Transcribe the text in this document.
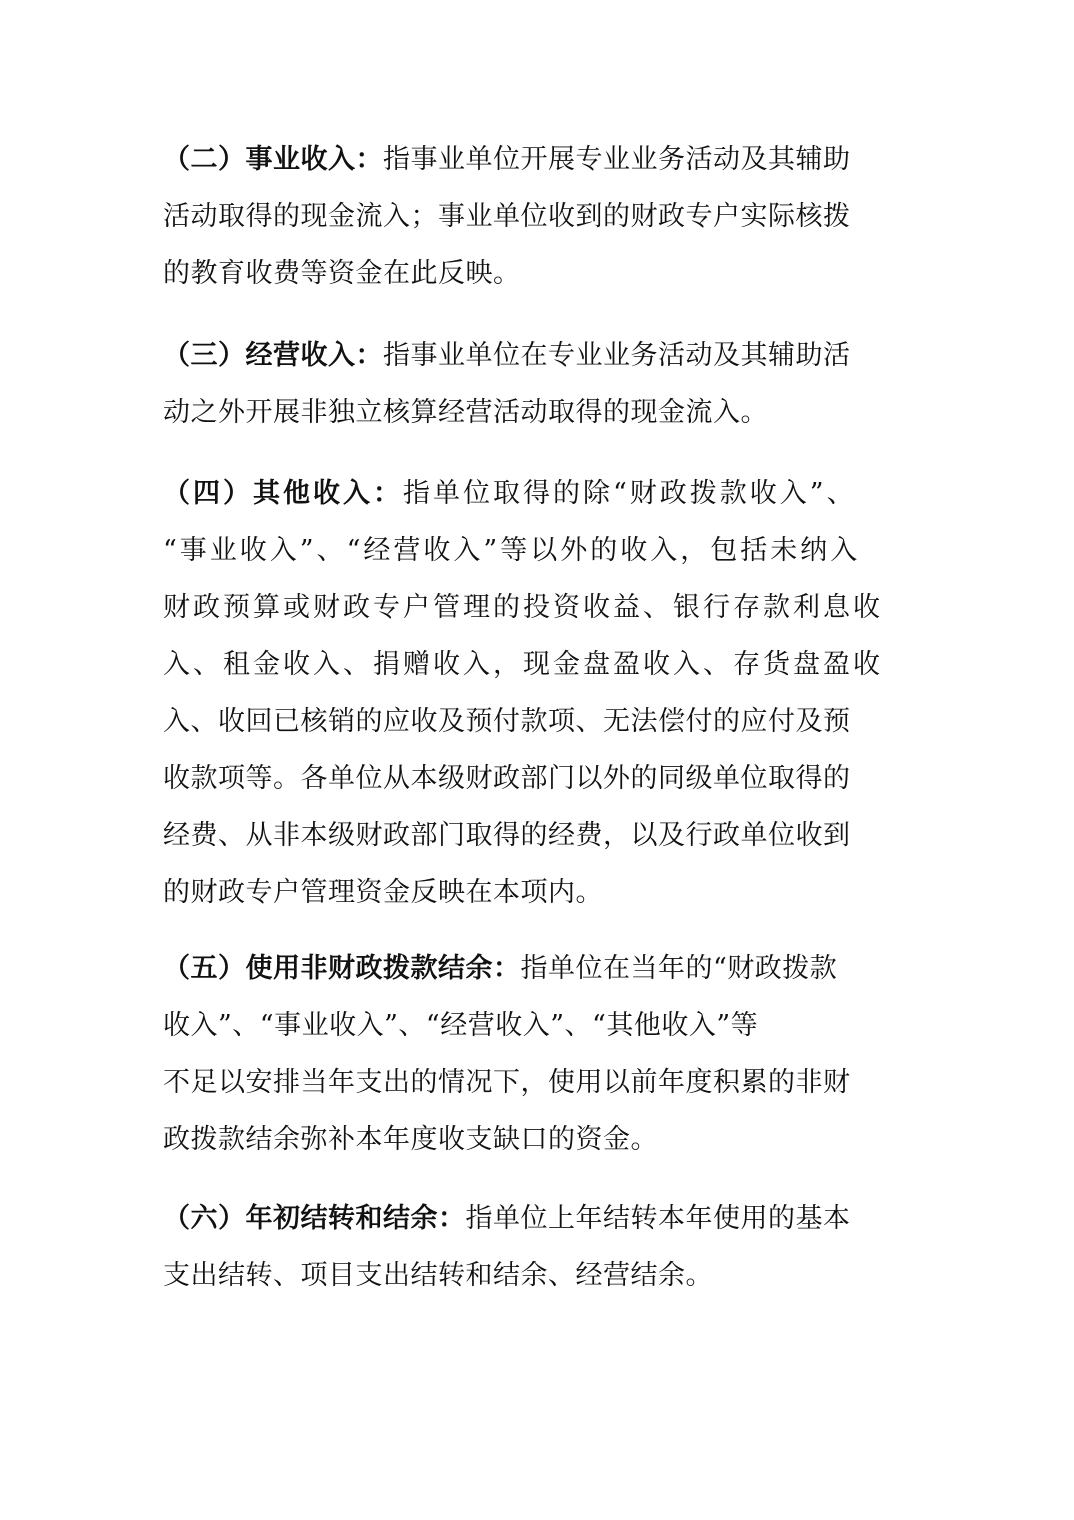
（二）事业收入：指事业单位开展专业业务活动及其辅助
活动取得的现金流入；事业单位收到的财政专户实际核拨
的教育收费等资金在此反映。

（三）经营收入：指事业单位在专业业务活动及其辅助活
动之外开展非独立核算经营活动取得的现金流入。

（四）其他收入：指单位取得的除“财政拨款收入”、
“事业收入”、“经营收入”等以外的收入，包括未纳入
财政预算或财政专户管理的投资收益、银行存款利息收
入、租金收入、捐赠收入，现金盘盈收入、存货盘盈收
入、收回已核销的应收及预付款项、无法偿付的应付及预
收款项等。各单位从本级财政部门以外的同级单位取得的
经费、从非本级财政部门取得的经费，以及行政单位收到
的财政专户管理资金反映在本项内。

（五）使用非财政拨款结余：指单位在当年的“财政拨款
收入”、“事业收入”、“经营收入”、“其他收入”等
不足以安排当年支出的情况下，使用以前年度积累的非财
政拨款结余弥补本年度收支缺口的资金。

（六）年初结转和结余：指单位上年结转本年使用的基本
支出结转、项目支出结转和结余、经营结余。
